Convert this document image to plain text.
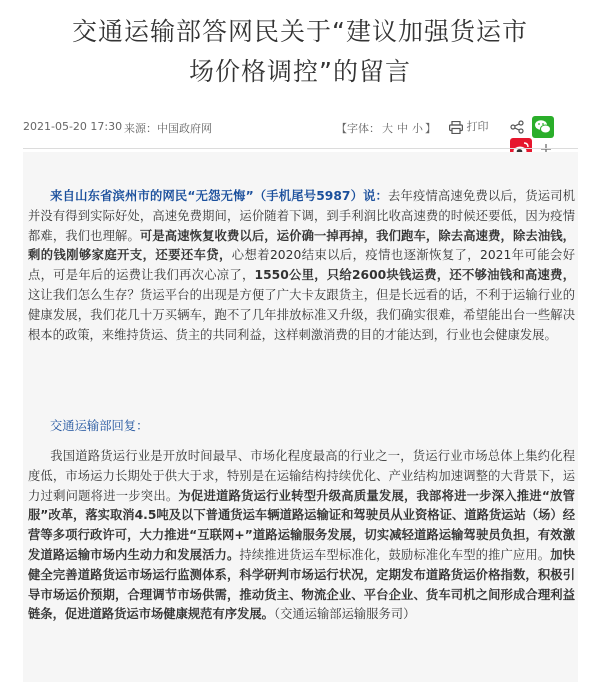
交通运输部答网民关于“建议加强货运市
场价格调控”的留言
2021-05-20 17:30 来源：中国政府网	【字体： 大 中 小 】	打印

来自山东省滨州市的网民“无怨无悔”（手机尾号5987）说：去年疫情高速免费以后，货运司机并没有得到实际好处，高速免费期间，运价随着下调，到手利润比收高速费的时候还要低，因为疫情都难，我们也理解。可是高速恢复收费以后，运价确一掉再掉，我们跑车，除去高速费，除去油钱，剩的钱刚够家庭开支，还要还车贷，心想着2020结束以后，疫情也逐渐恢复了，2021年可能会好点，可是年后的运费让我们再次心凉了，1550公里，只给2600块钱运费，还不够油钱和高速费，这让我们怎么生存？货运平台的出现是方便了广大卡友跟货主，但是长远看的话，不利于运输行业的健康发展，我们花几十万买辆车，跑不了几年排放标准又升级，我们确实很难，希望能出台一些解决根本的政策，来维持货运、货主的共同利益，这样刺激消费的目的才能达到，行业也会健康发展。
交通运输部回复：
我国道路货运行业是开放时间最早、市场化程度最高的行业之一，货运行业市场总体上集约化程度低，市场运力长期处于供大于求，特别是在运输结构持续优化、产业结构加速调整的大背景下，运力过剩问题将进一步突出。为促进道路货运行业转型升级高质量发展，我部将进一步深入推进“放管服”改革，落实取消4.5吨及以下普通货运车辆道路运输证和驾驶员从业资格证、道路货运站（场）经营等多项行政许可，大力推进“互联网+”道路运输服务发展，切实减轻道路运输驾驶员负担，有效激发道路运输市场内生动力和发展活力。持续推进货运车型标准化，鼓励标准化车型的推广应用。加快健全完善道路货运市场运行监测体系，科学研判市场运行状况，定期发布道路货运价格指数，积极引导市场运价预期，合理调节市场供需，推动货主、物流企业、平台企业、货车司机之间形成合理利益链条，促进道路货运市场健康规范有序发展。（交通运输部运输服务司）
